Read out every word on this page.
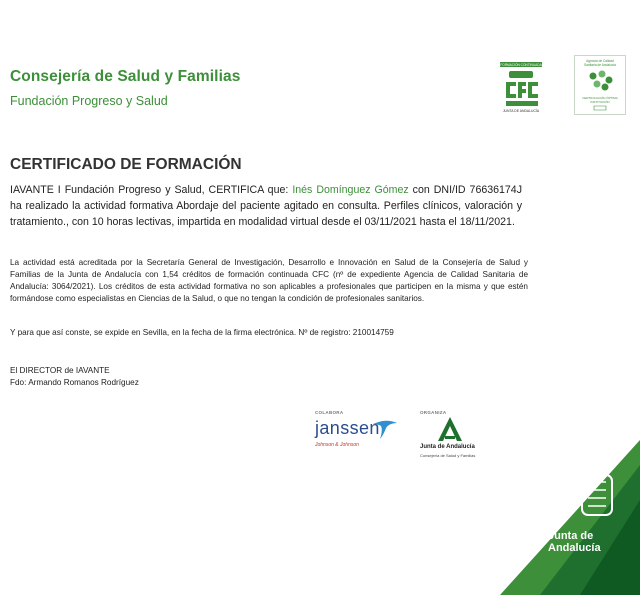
Consejería de Salud y Familias
Fundación Progreso y Salud
FORMACIÓN CONTINUADA
JUNTA DE ANDALUCÍA
Agencia de Calidad
Sanitaria de Andalucía
CERTIFICACIÓN ÓPTIMA
INSTITUCIÓN
CERTIFICADO DE FORMACIÓN
IAVANTE I Fundación Progreso y Salud, CERTIFICA que: Inés Domínguez Gómez con DNI/ID 76636174J ha realizado la actividad formativa Abordaje del paciente agitado en consulta. Perfiles clínicos, valoración y tratamiento., con 10 horas lectivas, impartida en modalidad virtual desde el 03/11/2021 hasta el 18/11/2021.
La actividad está acreditada por la Secretaría General de Investigación, Desarrollo e Innovación en Salud de la Consejería de Salud y Familias de la Junta de Andalucía con 1,54 créditos de formación continuada CFC (nº de expediente Agencia de Calidad Sanitaria de Andalucía: 3064/2021). Los créditos de esta actividad formativa no son aplicables a profesionales que participen en la misma y que estén formándose como especialistas en Ciencias de la Salud, o que no tengan la condición de profesionales sanitarios.
Y para que así conste, se expide en Sevilla, en la fecha de la firma electrónica. Nº de registro: 210014759
El DIRECTOR de IAVANTE
Fdo: Armando Romanos Rodríguez
COLABORA
janssen
Johnson & Johnson
ORGANIZA
Junta de Andalucía
Consejería de Salud y Familias
Junta de Andalucía
